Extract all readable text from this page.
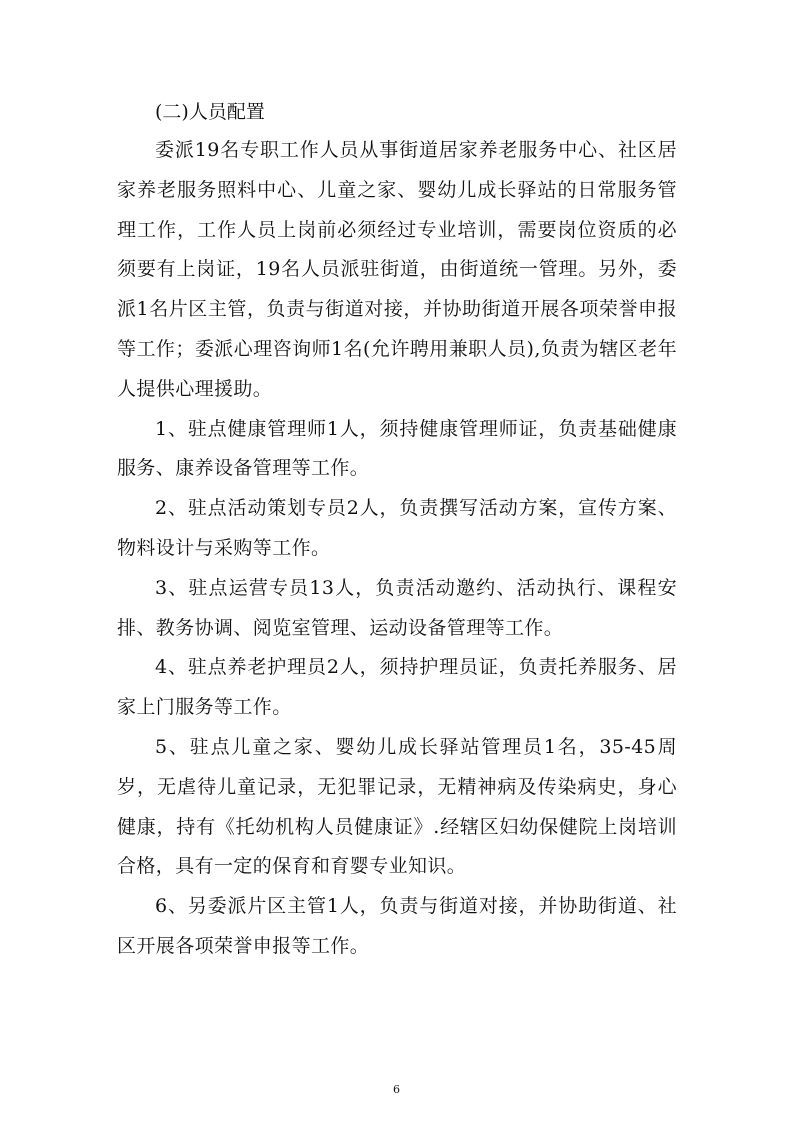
(二)人员配置

委派19名专职工作人员从事街道居家养老服务中心、社区居家养老服务照料中心、儿童之家、婴幼儿成长驿站的日常服务管理工作，工作人员上岗前必须经过专业培训，需要岗位资质的必须要有上岗证，19名人员派驻街道，由街道统一管理。另外，委派1名片区主管，负责与街道对接，并协助街道开展各项荣誉申报等工作；委派心理咨询师1名(允许聘用兼职人员),负责为辖区老年人提供心理援助。

1、驻点健康管理师1人，须持健康管理师证，负责基础健康服务、康养设备管理等工作。

2、驻点活动策划专员2人，负责撰写活动方案，宣传方案、物料设计与采购等工作。

3、驻点运营专员13人，负责活动邀约、活动执行、课程安排、教务协调、阅览室管理、运动设备管理等工作。

4、驻点养老护理员2人，须持护理员证，负责托养服务、居家上门服务等工作。

5、驻点儿童之家、婴幼儿成长驿站管理员1名，35-45周岁，无虐待儿童记录，无犯罪记录，无精神病及传染病史，身心健康，持有《托幼机构人员健康证》.经辖区妇幼保健院上岗培训合格，具有一定的保育和育婴专业知识。

6、另委派片区主管1人，负责与街道对接，并协助街道、社区开展各项荣誉申报等工作。

6
